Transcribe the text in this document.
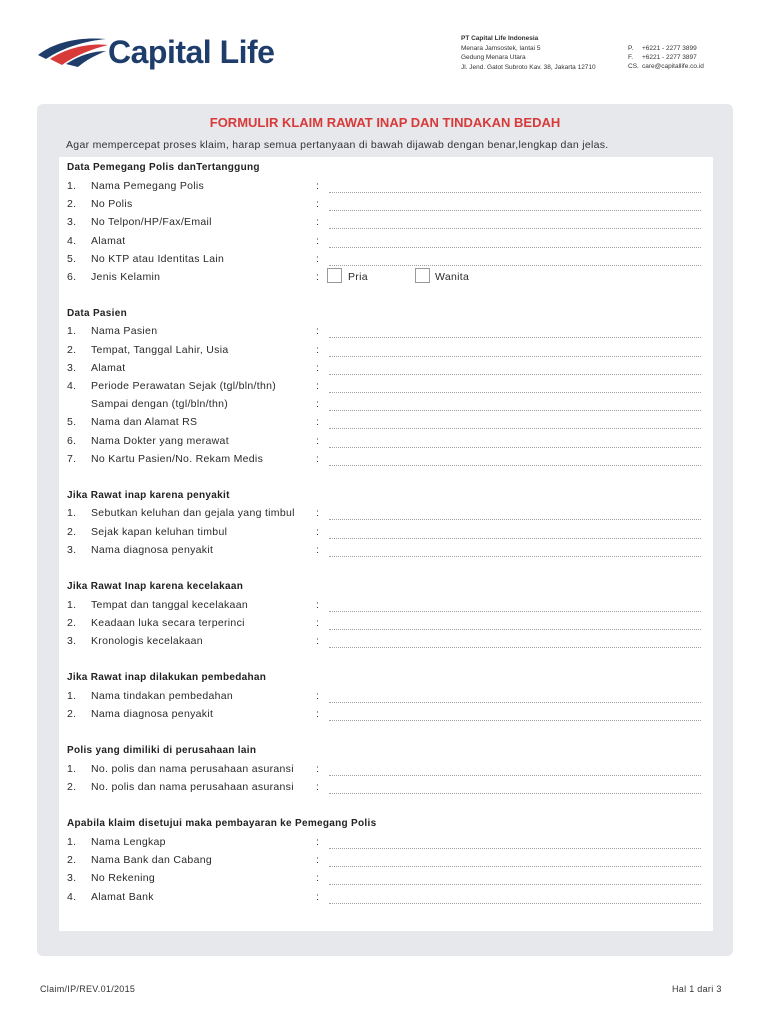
Capital Life	PT Capital Life Indonesia
Menara Jamsostek, lantai 5
Gedung Menara Utara
Jl. Jend. Gatot Subroto Kav. 38, Jakarta 12710
P. +6221 - 2277 3899
F. +6221 - 2277 3897
CS. care@capitallife.co.id
FORMULIR KLAIM RAWAT INAP DAN TINDAKAN BEDAH
Agar mempercepat proses klaim, harap semua pertanyaan di bawah dijawab dengan benar,lengkap dan jelas.
Data Pemegang Polis danTertanggung
1. Nama Pemegang Polis	:
2. No Polis	:
3. No Telpon/HP/Fax/Email	:
4. Alamat	:
5. No KTP atau Identitas Lain	:
6. Jenis Kelamin	:	Pria	Wanita
Data Pasien
1. Nama Pasien	:
2. Tempat, Tanggal Lahir, Usia	:
3. Alamat	:
4. Periode Perawatan Sejak (tgl/bln/thn)	:
Sampai dengan (tgl/bln/thn)	:
5. Nama dan Alamat RS	:
6. Nama Dokter yang merawat	:
7. No Kartu Pasien/No. Rekam Medis	:
Jika Rawat inap karena penyakit
1. Sebutkan keluhan dan gejala yang timbul :
2. Sejak kapan keluhan timbul	:
3. Nama diagnosa penyakit	:
Jika Rawat Inap karena kecelakaan
1. Tempat dan tanggal kecelakaan	:
2. Keadaan luka secara terperinci	:
3. Kronologis kecelakaan	:
Jika Rawat inap dilakukan pembedahan
1. Nama tindakan pembedahan	:
2. Nama diagnosa penyakit	:
Polis yang dimiliki di perusahaan lain
1. No. polis dan nama perusahaan asuransi :
2. No. polis dan nama perusahaan asuransi :
Apabila klaim disetujui maka pembayaran ke Pemegang Polis
1. Nama Lengkap	:
2. Nama Bank dan Cabang	:
3. No Rekening	:
4. Alamat Bank	:
Claim/IP/REV.01/2015	Hal 1 dari 3
